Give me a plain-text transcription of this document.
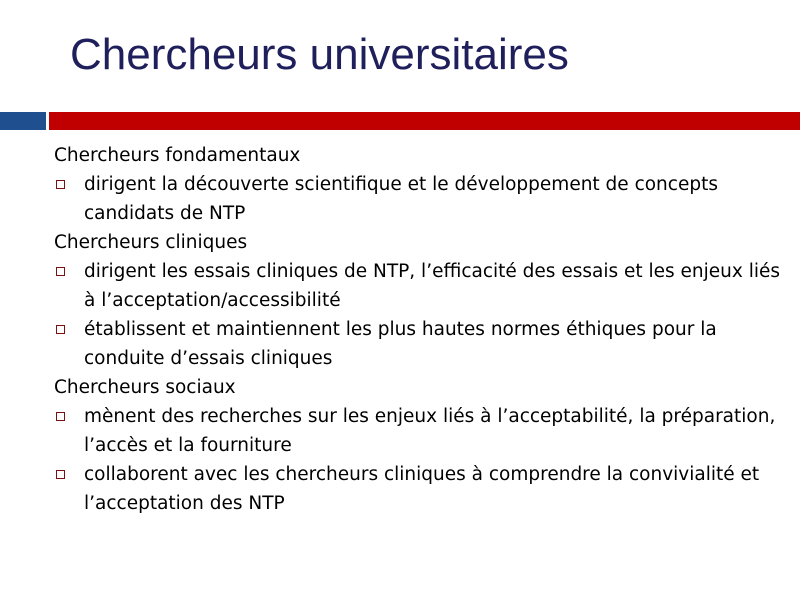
Chercheurs universitaires
Chercheurs fondamentaux
dirigent la découverte scientifique et le développement de concepts candidats de NTP
Chercheurs cliniques
dirigent les essais cliniques de NTP, l’efficacité des essais et les enjeux liés à l’acceptation/accessibilité
établissent et maintiennent les plus hautes normes éthiques pour la conduite d’essais cliniques
Chercheurs sociaux
mènent des recherches sur les enjeux liés à l’acceptabilité, la préparation, l’accès et la fourniture
collaborent avec les chercheurs cliniques à comprendre la convivialité et l’acceptation des NTP
